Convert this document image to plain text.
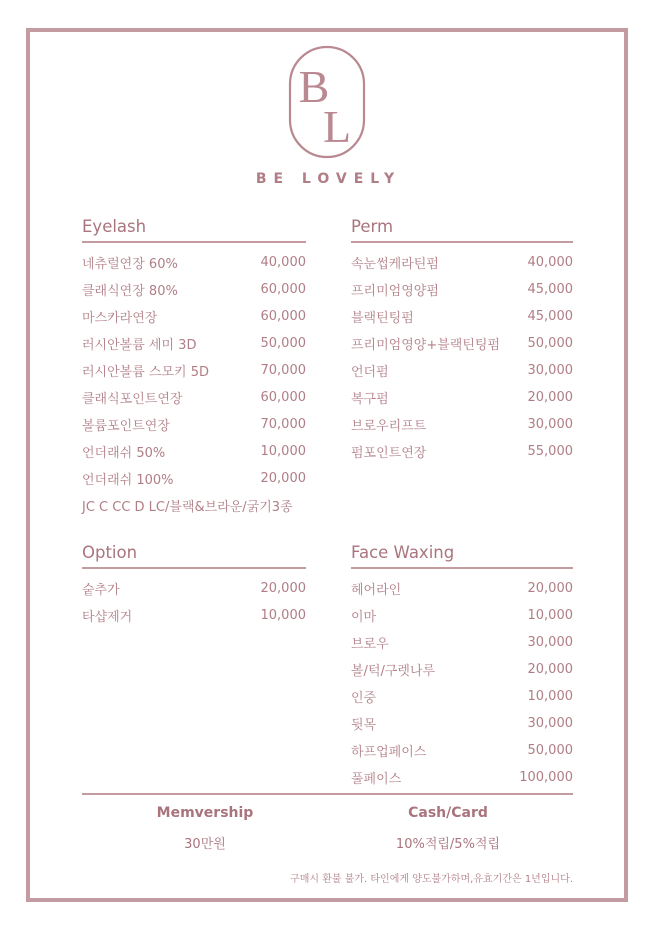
B
L
BE LOVELY
Eyelash
네츄럴연장 60%	40,000
클래식연장 80%	60,000
마스카라연장	60,000
러시안볼륨 세미 3D	50,000
러시안볼륨 스모키 5D	70,000
클래식포인트연장	60,000
볼륨포인트연장	70,000
언더래쉬 50%	10,000
언더래쉬 100%	20,000
JC C CC D LC/블랙&브라운/굵기3종
Perm
속눈썹케라틴펌	40,000
프리미엄영양펌	45,000
블랙틴팅펌	45,000
프리미엄영양+블랙틴팅펌 50,000
언더펌	30,000
복구펌	20,000
브로우리프트	30,000
펌포인트연장	55,000
Option
숱추가	20,000
타샵제거	10,000
Face Waxing
헤어라인	20,000
이마	10,000
브로우	30,000
볼/턱/구렛나루	20,000
인중	10,000
뒷목	30,000
하프업페이스	50,000
풀페이스	100,000
Memvership
30만원
Cash/Card
10%적립/5%적립
구매시 환불 불가. 타인에게 양도불가하며,유효기간은 1년입니다.
